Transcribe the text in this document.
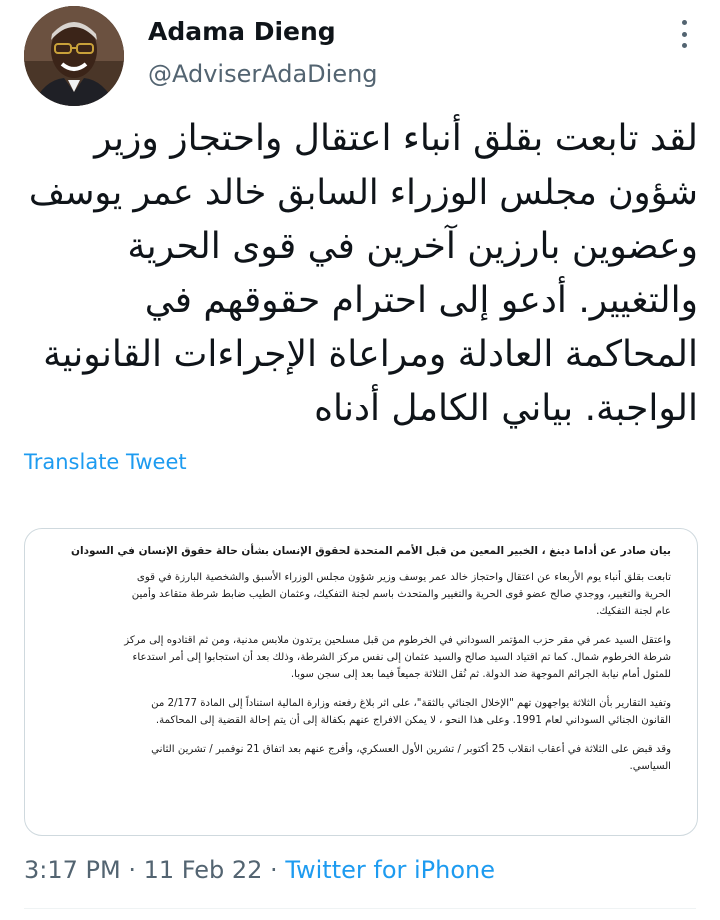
Adama Dieng
@AdviserAdaDieng
لقد تابعت بقلق أنباء اعتقال واحتجاز وزير
شؤون مجلس الوزراء السابق خالد عمر يوسف
وعضوين بارزين آخرين في قوى الحرية
والتغيير. أدعو إلى احترام حقوقهم في
المحاكمة العادلة ومراعاة الإجراءات القانونية
الواجبة. بياني الكامل أدناه
Translate Tweet
بيان صادر عن أداما دينغ ، الخبير المعين من قبل الأمم المتحدة لحقوق الإنسان بشأن حالة حقوق الإنسان في السودان
تابعت بقلق أنباء يوم الأربعاء عن اعتقال واحتجاز خالد عمر يوسف وزير شؤون مجلس الوزراء الأسبق والشخصية البارزة في قوى
الحرية والتغيير، ووجدي صالح عضو قوى الحرية والتغيير والمتحدث باسم لجنة التفكيك، وعثمان الطيب ضابط شرطة متقاعد وأمين
عام لجنة التفكيك.
واعتقل السيد عمر في مقر حزب المؤتمر السوداني في الخرطوم من قبل مسلحين يرتدون ملابس مدنية، ومن ثم اقتادوه إلى مركز
شرطة الخرطوم شمال. كما تم اقتياد السيد صالح والسيد عثمان إلى نفس مركز الشرطة، وذلك بعد أن استجابوا إلى أمر استدعاء
للمثول أمام نيابة الجرائم الموجهة ضد الدولة. ثم نُقل الثلاثة جميعاً فيما بعد إلى سجن سوبا.
وتفيد التقارير بأن الثلاثة يواجهون تهم "الإخلال الجنائي بالثقة"، على اثر بلاغ رفعته وزارة المالية استناداً إلى المادة 2/177 من
القانون الجنائي السوداني لعام 1991. وعلى هذا النحو ، لا يمكن الافراج عنهم بكفالة إلى أن يتم إحالة القضية إلى المحاكمة.
وقد قبض على الثلاثة في أعقاب انقلاب 25 أكتوبر / تشرين الأول العسكري، وأفرج عنهم بعد اتفاق 21 نوفمبر / تشرين الثاني
السياسي.
3:17 PM · 11 Feb 22 · Twitter for iPhone
